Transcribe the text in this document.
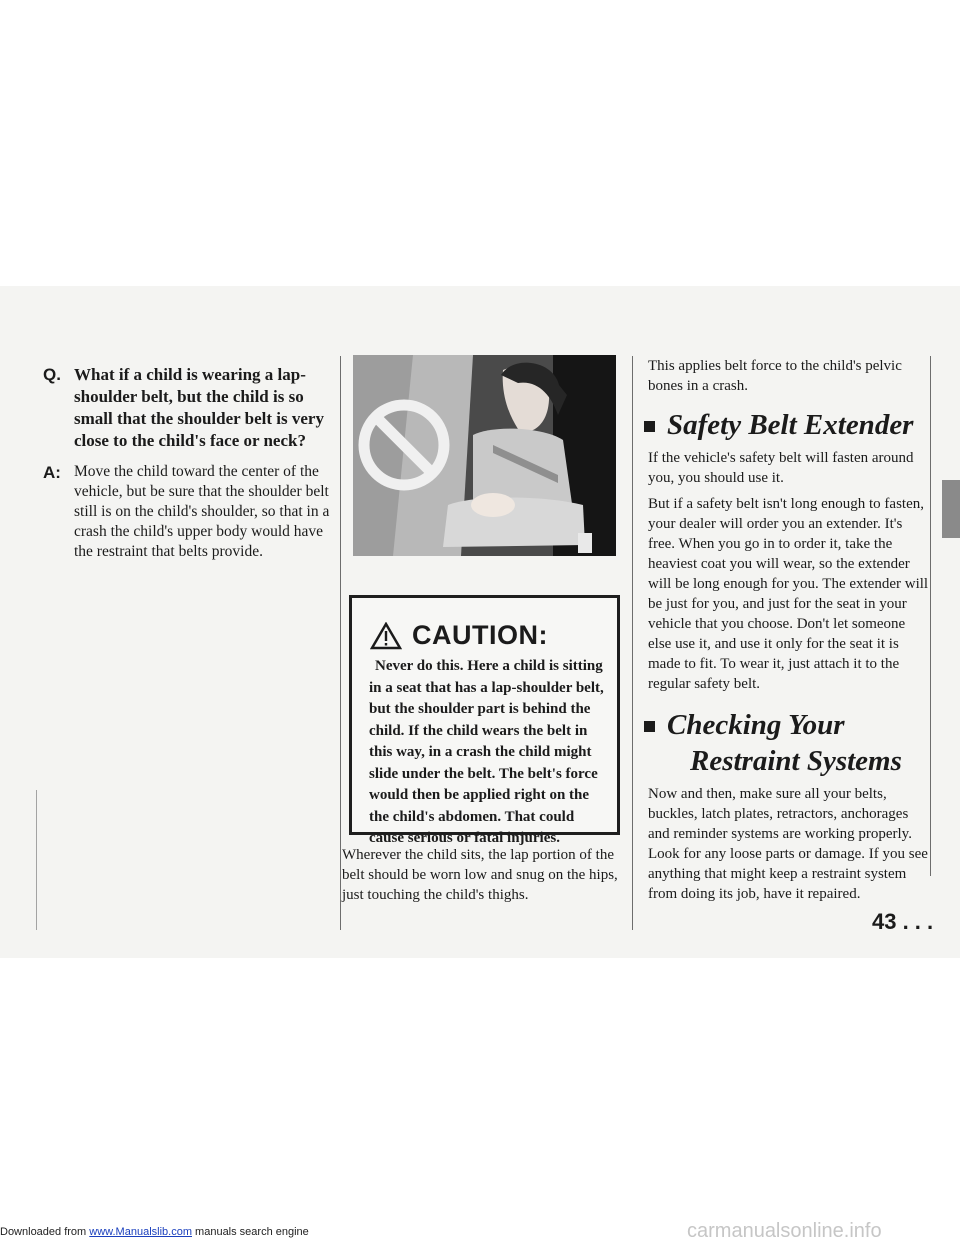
Q. What if a child is wearing a lap-shoulder belt, but the child is so small that the shoulder belt is very close to the child's face or neck?
A: Move the child toward the center of the vehicle, but be sure that the shoulder belt still is on the child's shoulder, so that in a crash the child's upper body would have the restraint that belts provide.
CAUTION:
Never do this. Here a child is sitting in a seat that has a lap-shoulder belt, but the shoulder part is behind the child. If the child wears the belt in this way, in a crash the child might slide under the belt. The belt's force would then be applied right on the the child's abdomen. That could cause serious or fatal injuries.
Wherever the child sits, the lap portion of the belt should be worn low and snug on the hips, just touching the child's thighs.

This applies belt force to the child's pelvic bones in a crash.

Safety Belt Extender

If the vehicle's safety belt will fasten around you, you should use it.

But if a safety belt isn't long enough to fasten, your dealer will order you an extender. It's free. When you go in to order it, take the heaviest coat you will wear, so the extender will be long enough for you. The extender will be just for you, and just for the seat in your vehicle that you choose. Don't let someone else use it, and use it only for the seat it is made to fit. To wear it, just attach it to the regular safety belt.

Checking Your
Restraint Systems

Now and then, make sure all your belts, buckles, latch plates, retractors, anchorages and reminder systems are working properly. Look for any loose parts or damage. If you see anything that might keep a restraint system from doing its job, have it repaired.

43 . . .
Downloaded from www.Manualslib.com manuals search engine	carmanualsonline.info
